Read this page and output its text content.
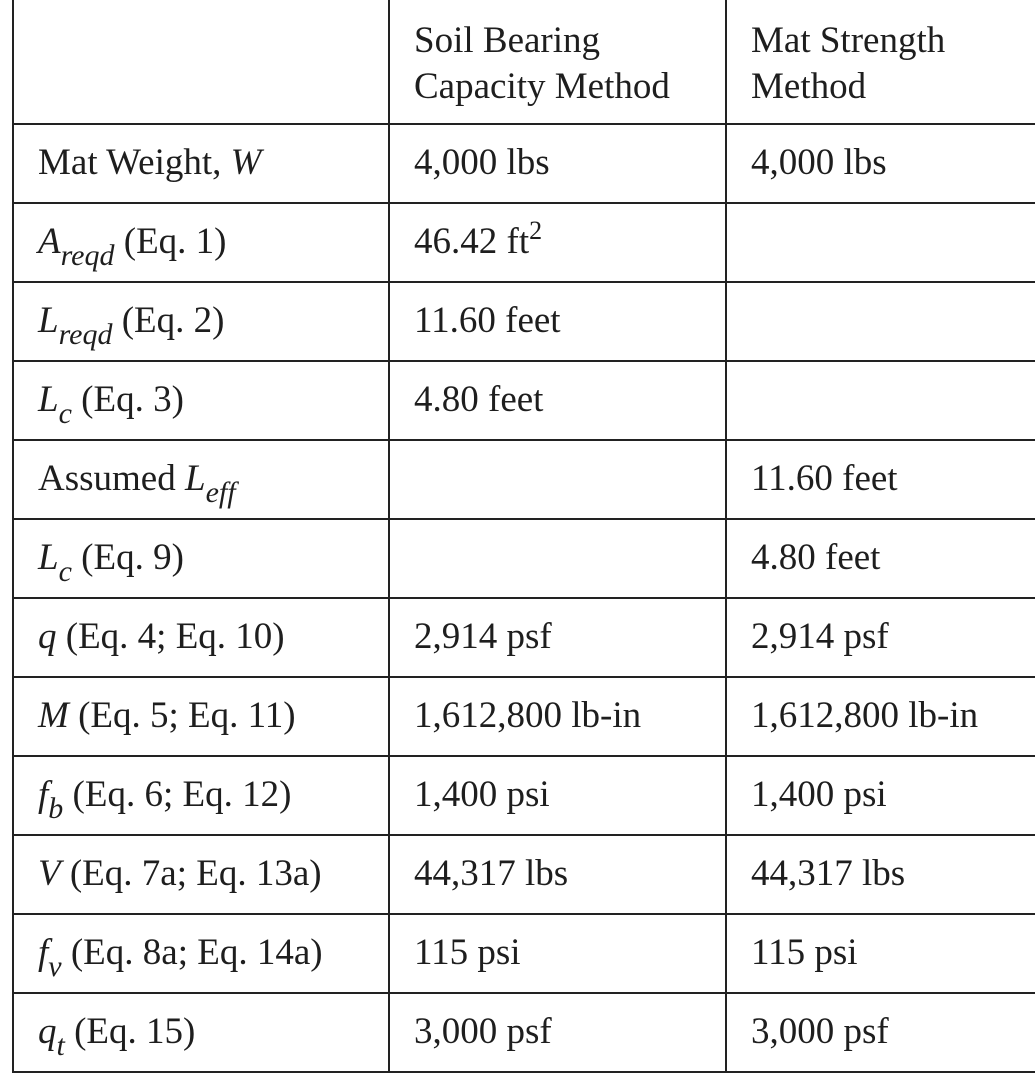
	Soil Bearing Capacity Method	Mat Strength Method
Mat Weight, W	4,000 lbs	4,000 lbs
$A_{reqd}$ (Eq. 1)	46.42 $ft^2$	
$L_{reqd}$ (Eq. 2)	11.60 feet	
$L_c$ (Eq. 3)	4.80 feet	
Assumed $L_{eff}$		11.60 feet
$L_c$ (Eq. 9)		4.80 feet
q (Eq. 4; Eq. 10)	2,914 psf	2,914 psf
M (Eq. 5; Eq. 11)	1,612,800 lb-in	1,612,800 lb-in
$f_b$ (Eq. 6; Eq. 12)	1,400 psi	1,400 psi
V (Eq. 7a; Eq. 13a)	44,317 lbs	44,317 lbs
$f_v$ (Eq. 8a; Eq. 14a)	115 psi	115 psi
$q_t$ (Eq. 15)	3,000 psf	3,000 psf
